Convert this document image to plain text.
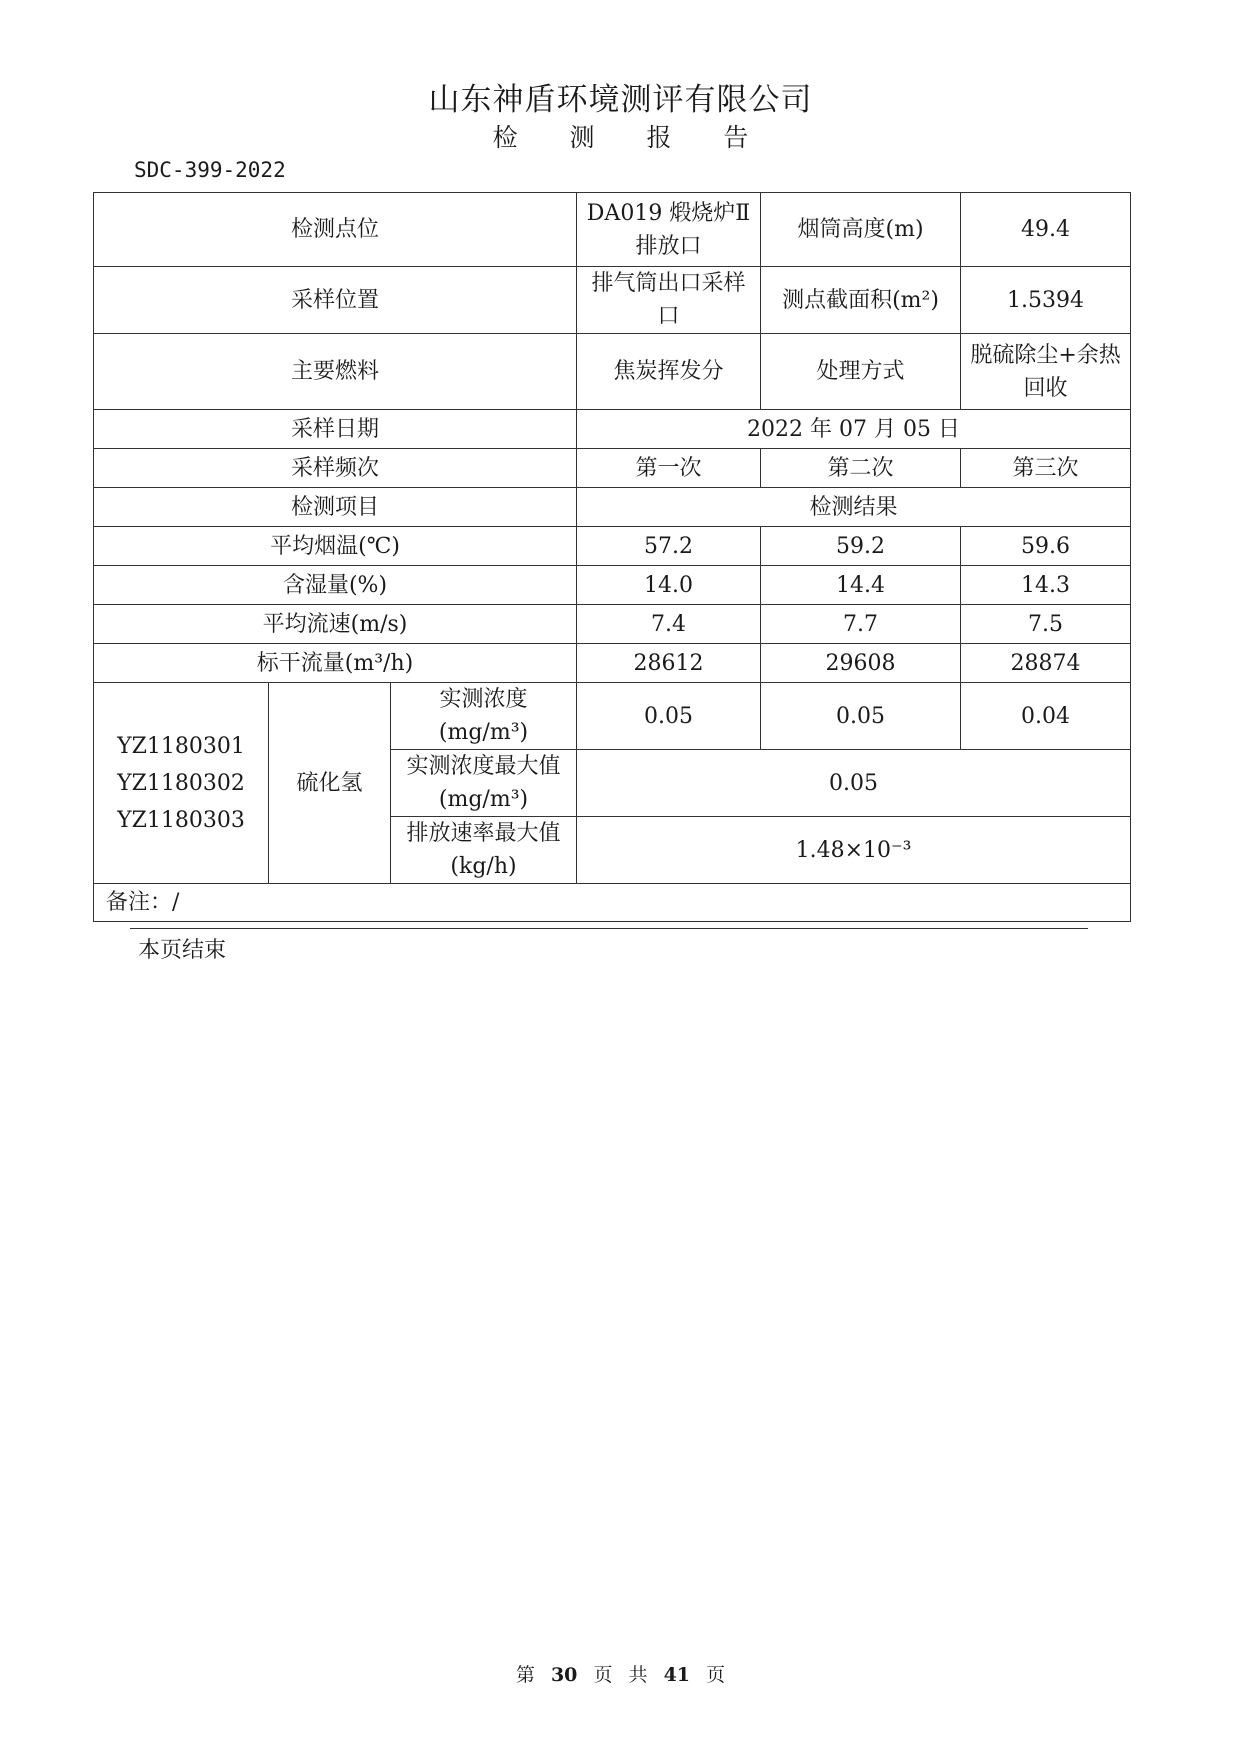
山东神盾环境测评有限公司
检 测 报 告
SDC-399-2022
检测点位			DA019 煅烧炉Ⅱ排放口	烟筒高度(m)	49.4
采样位置			排气筒出口采样口	测点截面积(m²)	1.5394
主要燃料			焦炭挥发分	处理方式	脱硫除尘+余热回收
采样日期			2022 年 07 月 05 日		
采样频次			第一次	第二次	第三次
检测项目			检测结果		
平均烟温(℃)			57.2	59.2	59.6
含湿量(%)			14.0	14.4	14.3
平均流速(m/s)			7.4	7.7	7.5
标干流量(m³/h)			28612	29608	28874

YZ1180301
YZ1180302
YZ1180303	硫化氢	实测浓度(mg/m³)	0.05	0.05	0.04
		实测浓度最大值(mg/m³)	0.05		
		排放速率最大值(kg/h)	1.48×10⁻³		
备注：/					
本页结束
第 30 页 共 41 页
